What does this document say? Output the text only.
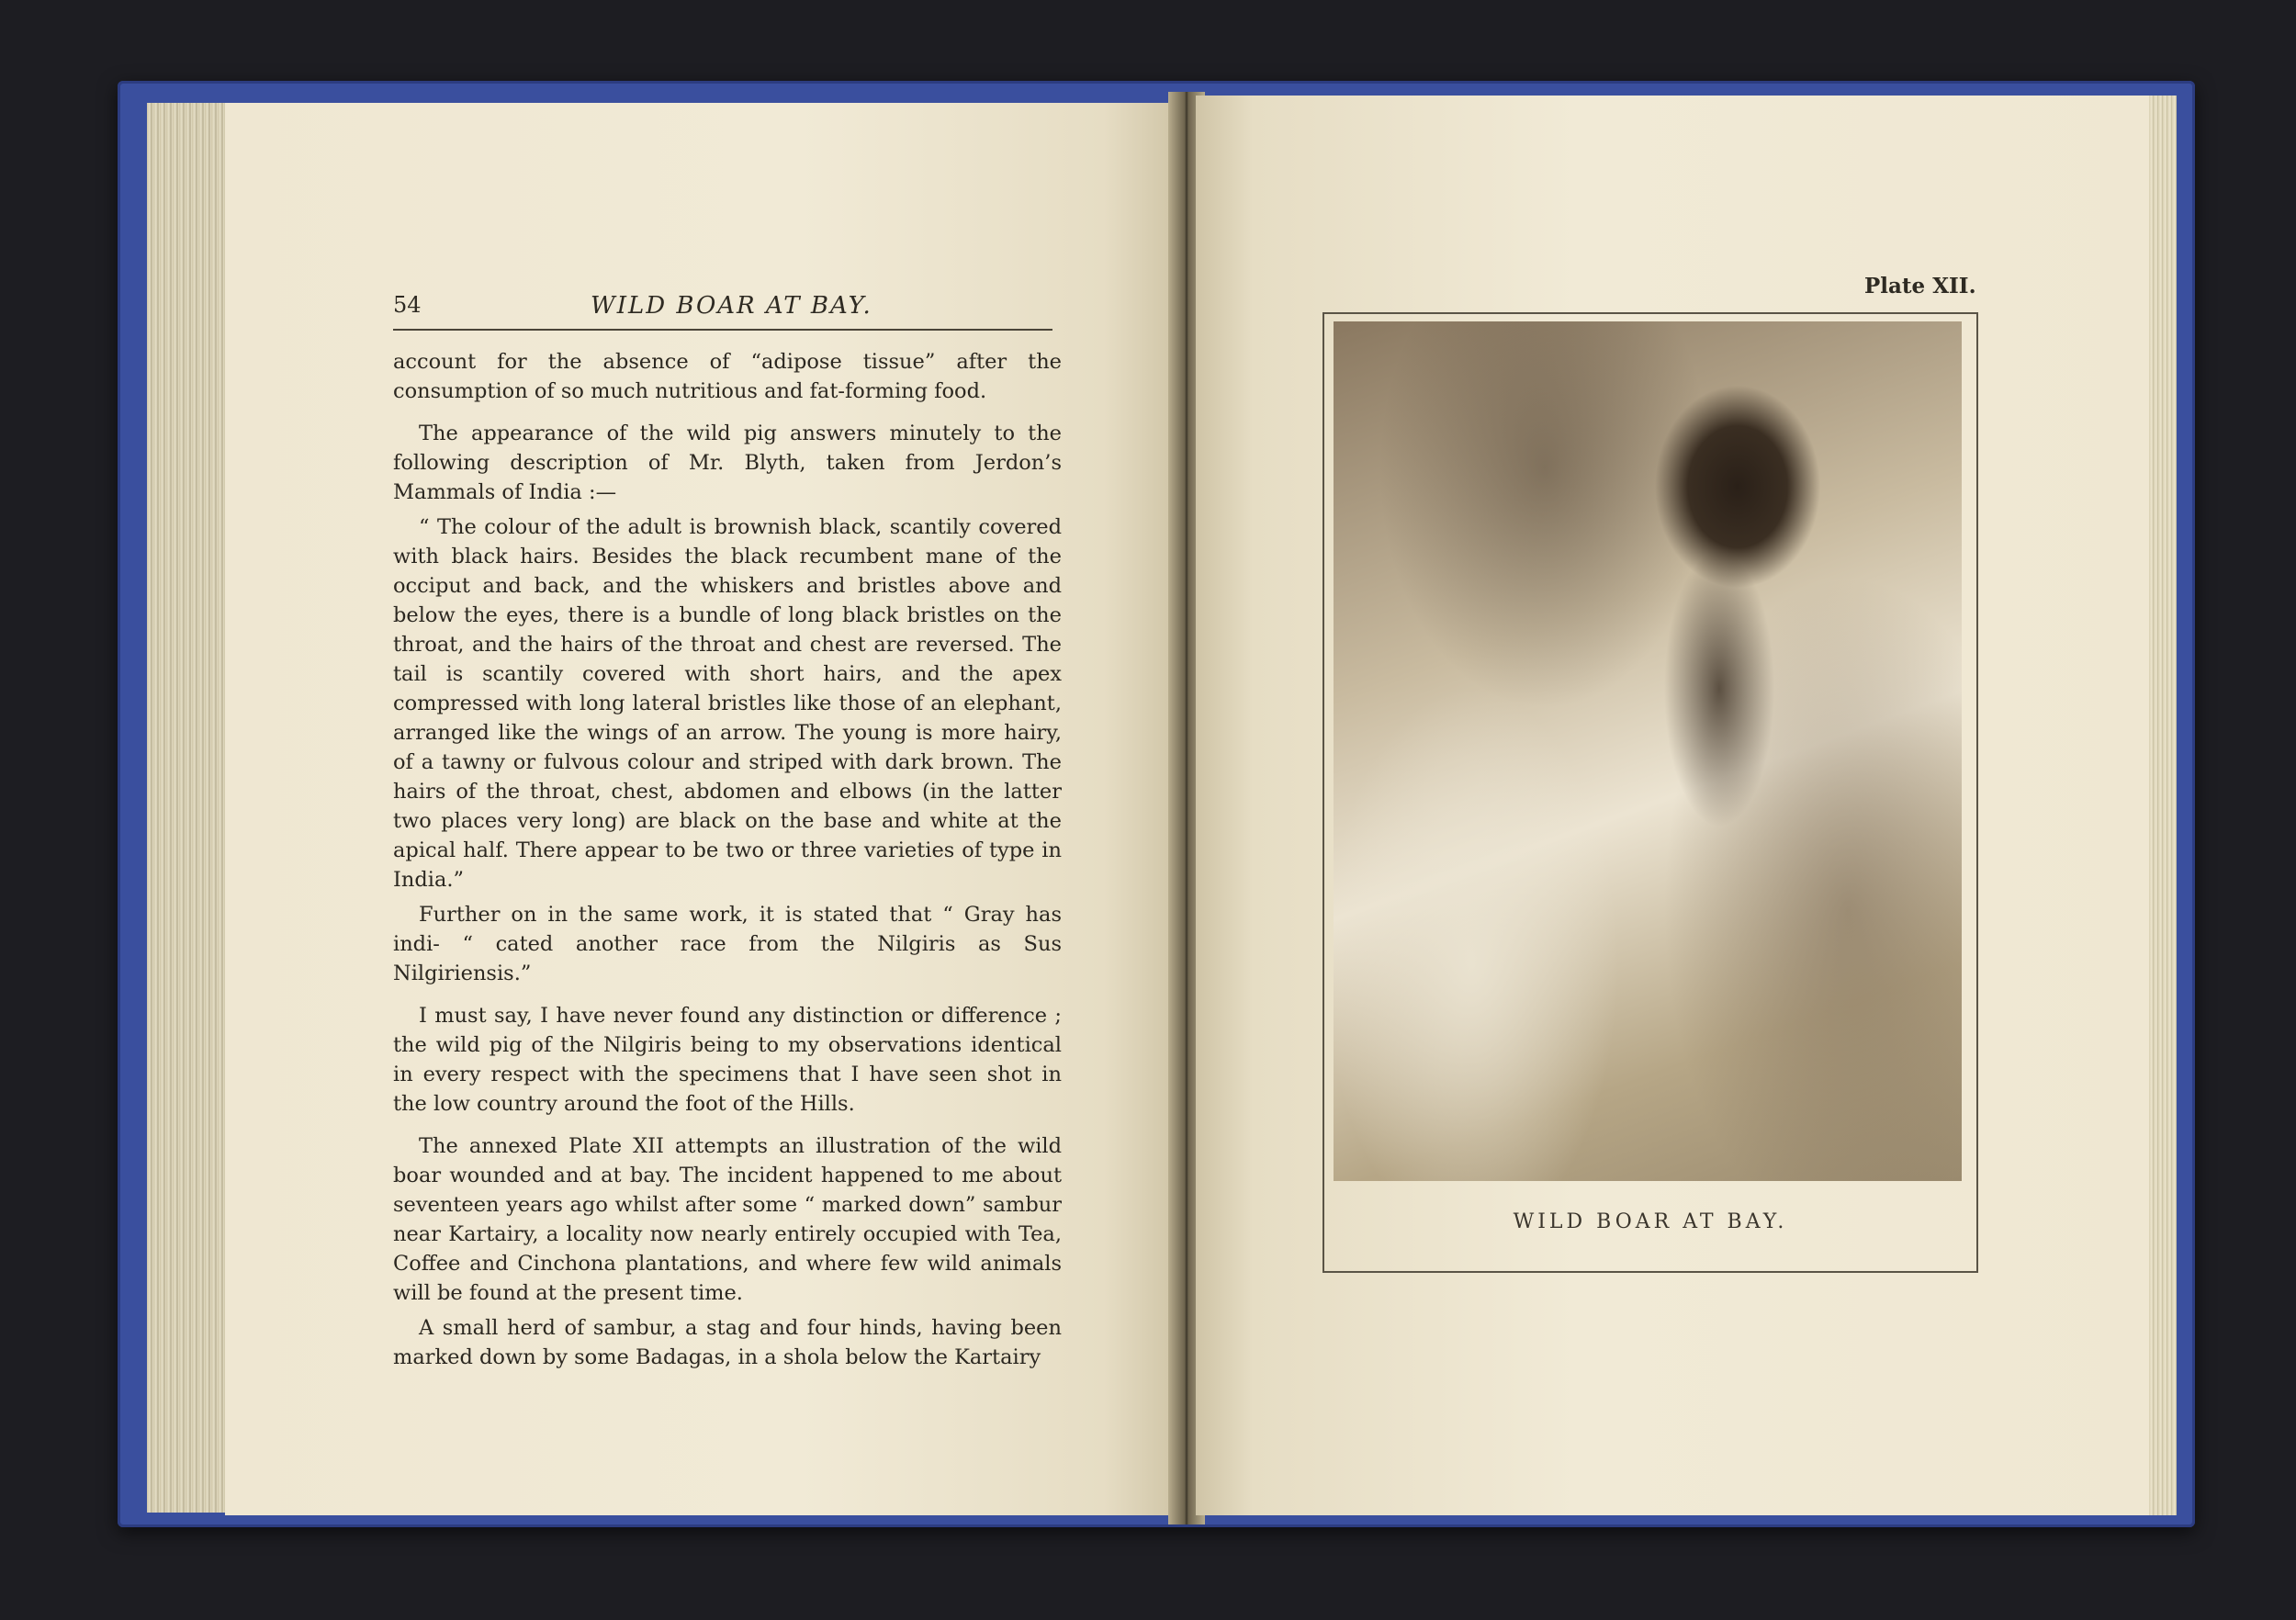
54	WILD BOAR AT BAY.

account for the absence of “adipose tissue” after the consumption of so much nutritious and fat-forming food.

The appearance of the wild pig answers minutely to the following description of Mr. Blyth, taken from Jerdon’s Mammals of India :—

“ The colour of the adult is brownish black, scantily covered with black hairs. Besides the black recumbent mane of the occiput and back, and the whiskers and bristles above and below the eyes, there is a bundle of long black bristles on the throat, and the hairs of the throat and chest are reversed. The tail is scantily covered with short hairs, and the apex compressed with long lateral bristles like those of an elephant, arranged like the wings of an arrow. The young is more hairy, of a tawny or fulvous colour and striped with dark brown. The hairs of the throat, chest, abdomen and elbows (in the latter two places very long) are black on the base and white at the apical half. There appear to be two or three varieties of type in India.”

Further on in the same work, it is stated that “ Gray has indi- “ cated another race from the Nilgiris as Sus Nilgiriensis.”

I must say, I have never found any distinction or difference ; the wild pig of the Nilgiris being to my observations identical in every respect with the specimens that I have seen shot in the low country around the foot of the Hills.

The annexed Plate XII attempts an illustration of the wild boar wounded and at bay. The incident happened to me about seventeen years ago whilst after some “ marked down” sambur near Kartairy, a locality now nearly entirely occupied with Tea, Coffee and Cinchona plantations, and where few wild animals will be found at the present time.

A small herd of sambur, a stag and four hinds, having been marked down by some Badagas, in a shola below the Kartairy

Plate XII.
WILD BOAR AT BAY.
